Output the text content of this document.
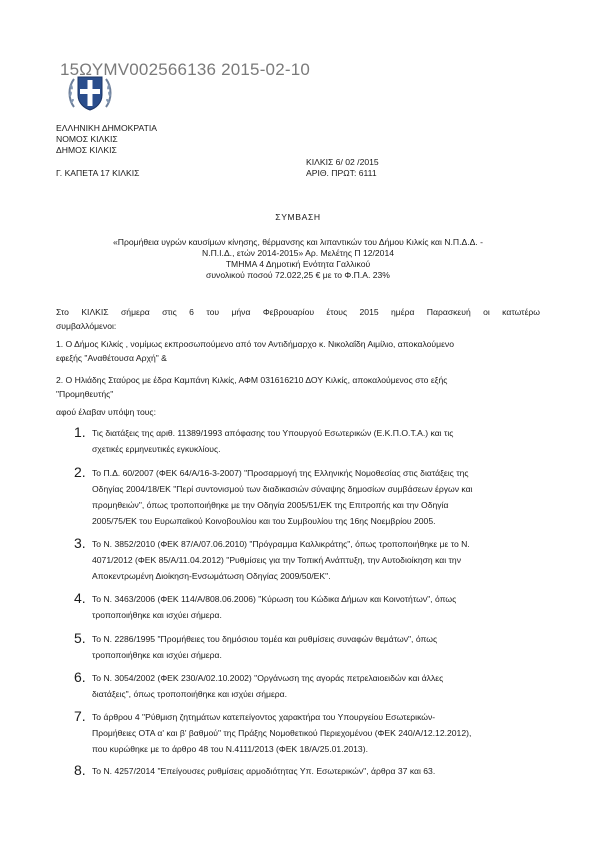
15ΩΥΜV002566136 2015-02-10
ΕΛΛΗΝΙΚΗ ΔΗΜΟΚΡΑΤΙΑ
ΝΟΜΟΣ ΚΙΛΚΙΣ
ΔΗΜΟΣ ΚΙΛΚΙΣ
ΚΙΛΚΙΣ 6/ 02 /2015
ΑΡΙΘ. ΠΡΩΤ: 6111
Γ. ΚΑΠΕΤΑ 17 ΚΙΛΚΙΣ
ΣΥΜΒΑΣΗ
«Προμήθεια υγρών καυσίμων κίνησης, θέρμανσης και λιπαντικών του Δήμου Κιλκίς και Ν.Π.Δ.Δ. -
Ν.Π.Ι.Δ., ετών 2014-2015» Αρ. Μελέτης Π 12/2014
ΤΜΗΜΑ 4 Δημοτική Ενότητα Γαλλικού
συνολικού ποσού 72.022,25 € με το Φ.Π.Α. 23%
Στο ΚΙΛΚΙΣ σήμερα στις 6 του μήνα Φεβρουαρίου έτους 2015 ημέρα Παρασκευή οι κατωτέρω
συμβαλλόμενοι:
1. Ο Δήμος Κιλκίς , νομίμως εκπροσωπούμενο από τον Αντιδήμαρχο κ. Νικολαΐδη Αιμίλιο, αποκαλούμενο
εφεξής "Αναθέτουσα Αρχή" &
2. Ο Ηλιάδης Σταύρος με έδρα Καμπάνη Κιλκίς, ΑΦΜ 031616210 ΔΟΥ Κιλκίς, αποκαλούμενος στο εξής
"Προμηθευτής"
αφού έλαβαν υπόψη τους:
1. Τις διατάξεις της αριθ. 11389/1993 απόφασης του Υπουργού Εσωτερικών (Ε.Κ.Π.Ο.Τ.Α.) και τις
σχετικές ερμηνευτικές εγκυκλίους.
2. Το Π.Δ. 60/2007 (ΦΕΚ 64/Α/16-3-2007) "Προσαρμογή της Ελληνικής Νομοθεσίας στις διατάξεις της
Οδηγίας 2004/18/ΕΚ "Περί συντονισμού των διαδικασιών σύναψης δημοσίων συμβάσεων έργων και
προμηθειών", όπως τροποποιήθηκε με την Οδηγία 2005/51/ΕΚ της Επιτροπής και την Οδηγία
2005/75/ΕΚ του Ευρωπαϊκού Κοινοβουλίου και του Συμβουλίου της 16ης Νοεμβρίου 2005.
3. Το Ν. 3852/2010 (ΦΕΚ 87/Α/07.06.2010) "Πρόγραμμα Καλλικράτης", όπως τροποποιήθηκε με το Ν.
4071/2012 (ΦΕΚ 85/Α/11.04.2012) "Ρυθμίσεις για την Τοπική Ανάπτυξη, την Αυτοδιοίκηση και την
Αποκεντρωμένη Διοίκηση-Ενσωμάτωση Οδηγίας 2009/50/ΕΚ".
4. Το Ν. 3463/2006 (ΦΕΚ 114/Α/808.06.2006) "Κύρωση του Κώδικα Δήμων και Κοινοτήτων", όπως
τροποποιήθηκε και ισχύει σήμερα.
5. Το Ν. 2286/1995 "Προμήθειες του δημόσιου τομέα και ρυθμίσεις συναφών θεμάτων", όπως
τροποποιήθηκε και ισχύει σήμερα.
6. Το Ν. 3054/2002 (ΦΕΚ 230/Α/02.10.2002) "Οργάνωση της αγοράς πετρελαιοειδών και άλλες
διατάξεις", όπως τροποποιήθηκε και ισχύει σήμερα.
7. Το άρθρου 4 "Ρύθμιση ζητημάτων κατεπείγοντος χαρακτήρα του Υπουργείου Εσωτερικών-
Προμήθειες ΟΤΑ α' και β' βαθμού" της Πράξης Νομοθετικού Περιεχομένου (ΦΕΚ 240/Α/12.12.2012),
που κυρώθηκε με το άρθρο 48 του Ν.4111/2013 (ΦΕΚ 18/Α/25.01.2013).
8. Το Ν. 4257/2014 "Επείγουσες ρυθμίσεις αρμοδιότητας Υπ. Εσωτερικών", άρθρα 37 και 63.
